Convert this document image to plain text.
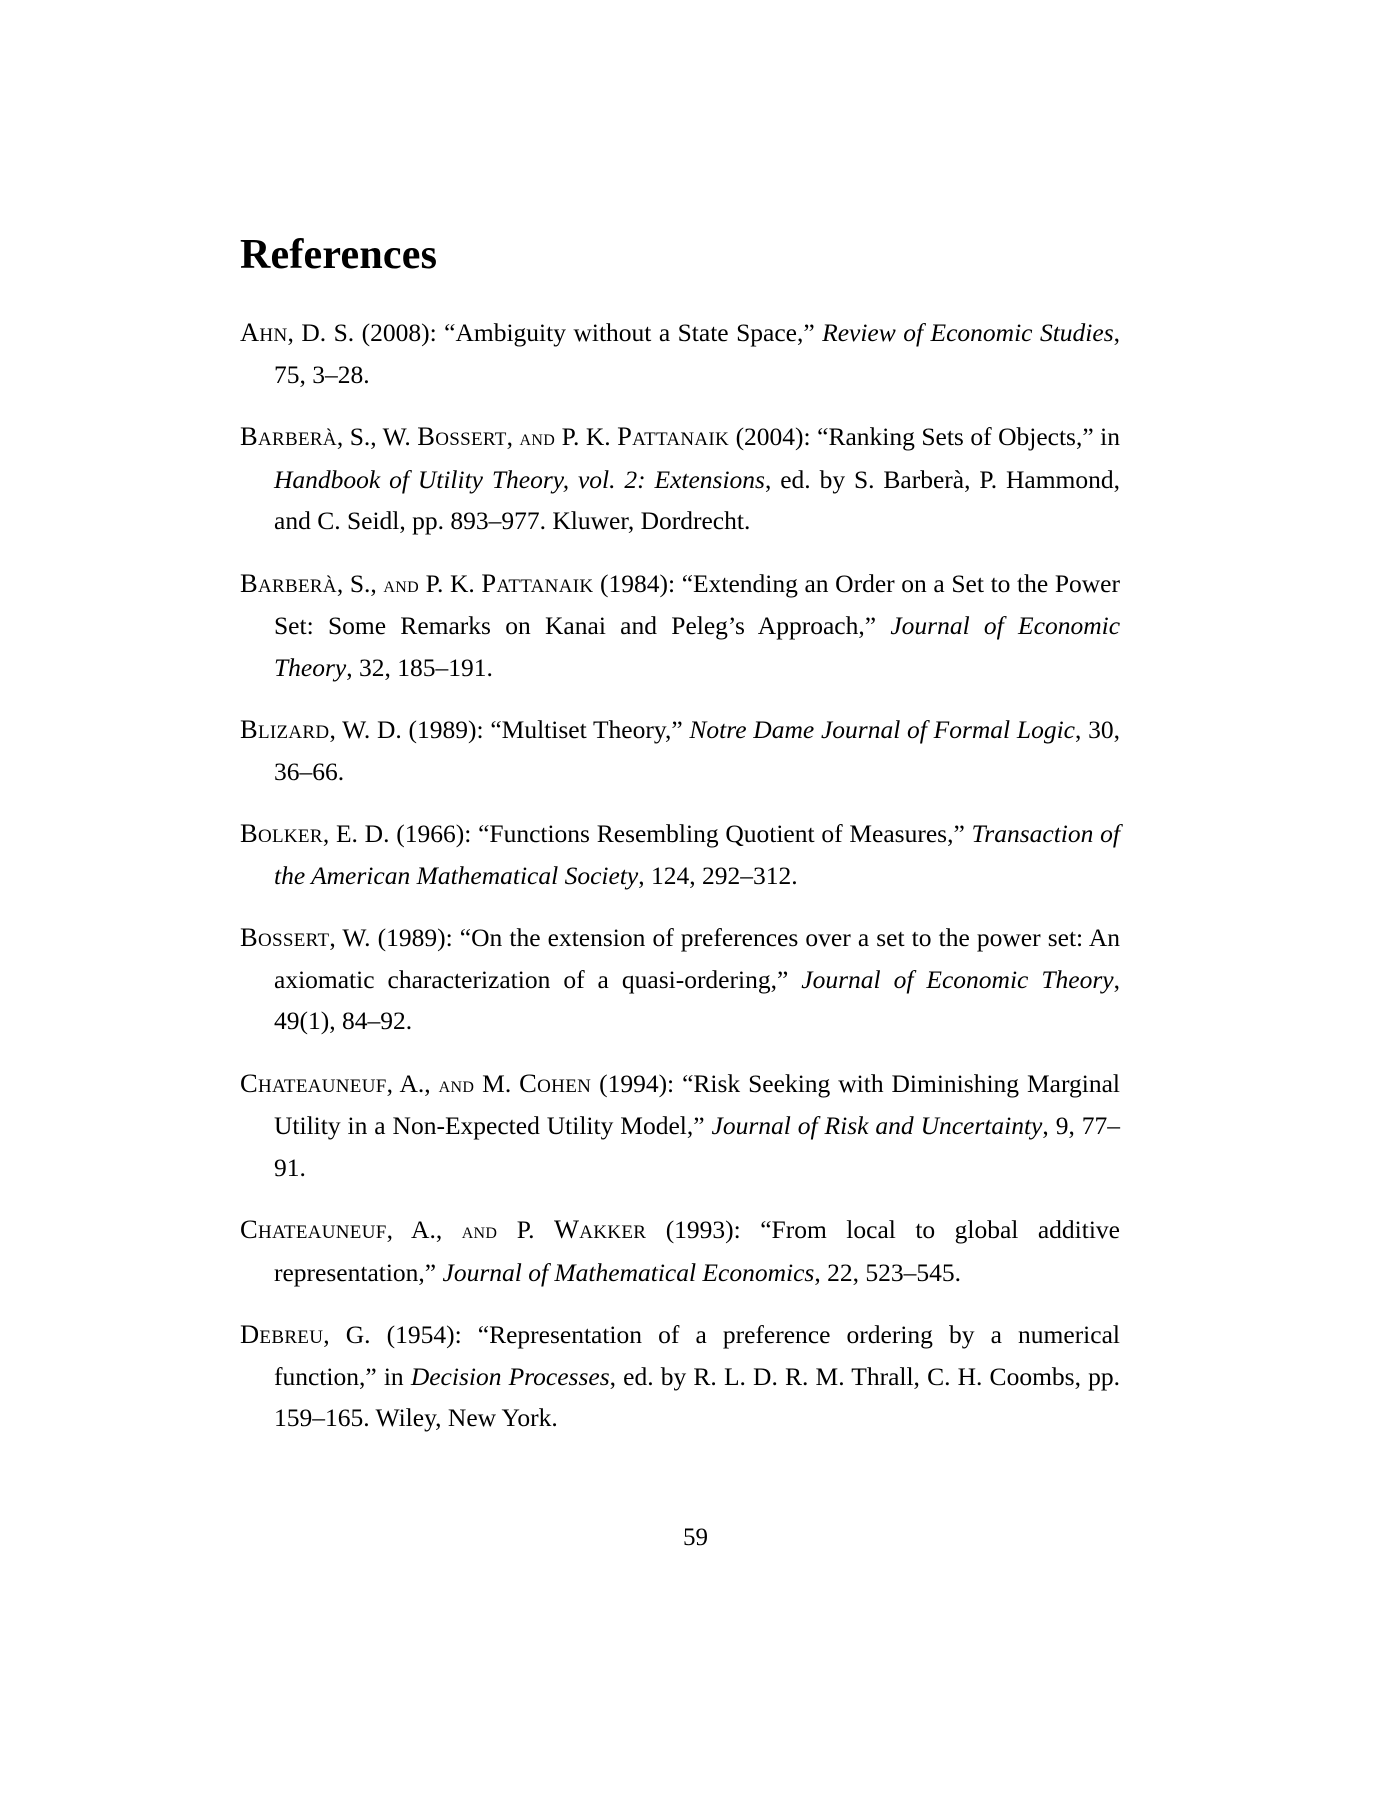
References
Ahn, D. S. (2008): “Ambiguity without a State Space,” Review of Economic Studies, 75, 3–28.
Barberà, S., W. Bossert, and P. K. Pattanaik (2004): “Ranking Sets of Objects,” in Handbook of Utility Theory, vol. 2: Extensions, ed. by S. Barberà, P. Hammond, and C. Seidl, pp. 893–977. Kluwer, Dordrecht.
Barberà, S., and P. K. Pattanaik (1984): “Extending an Order on a Set to the Power Set: Some Remarks on Kanai and Peleg’s Approach,” Journal of Economic Theory, 32, 185–191.
Blizard, W. D. (1989): “Multiset Theory,” Notre Dame Journal of Formal Logic, 30, 36–66.
Bolker, E. D. (1966): “Functions Resembling Quotient of Measures,” Transaction of the American Mathematical Society, 124, 292–312.
Bossert, W. (1989): “On the extension of preferences over a set to the power set: An axiomatic characterization of a quasi-ordering,” Journal of Economic Theory, 49(1), 84–92.
Chateauneuf, A., and M. Cohen (1994): “Risk Seeking with Diminishing Marginal Utility in a Non-Expected Utility Model,” Journal of Risk and Uncertainty, 9, 77–91.
Chateauneuf, A., and P. Wakker (1993): “From local to global additive representation,” Journal of Mathematical Economics, 22, 523–545.
Debreu, G. (1954): “Representation of a preference ordering by a numerical function,” in Decision Processes, ed. by R. L. D. R. M. Thrall, C. H. Coombs, pp. 159–165. Wiley, New York.
59
